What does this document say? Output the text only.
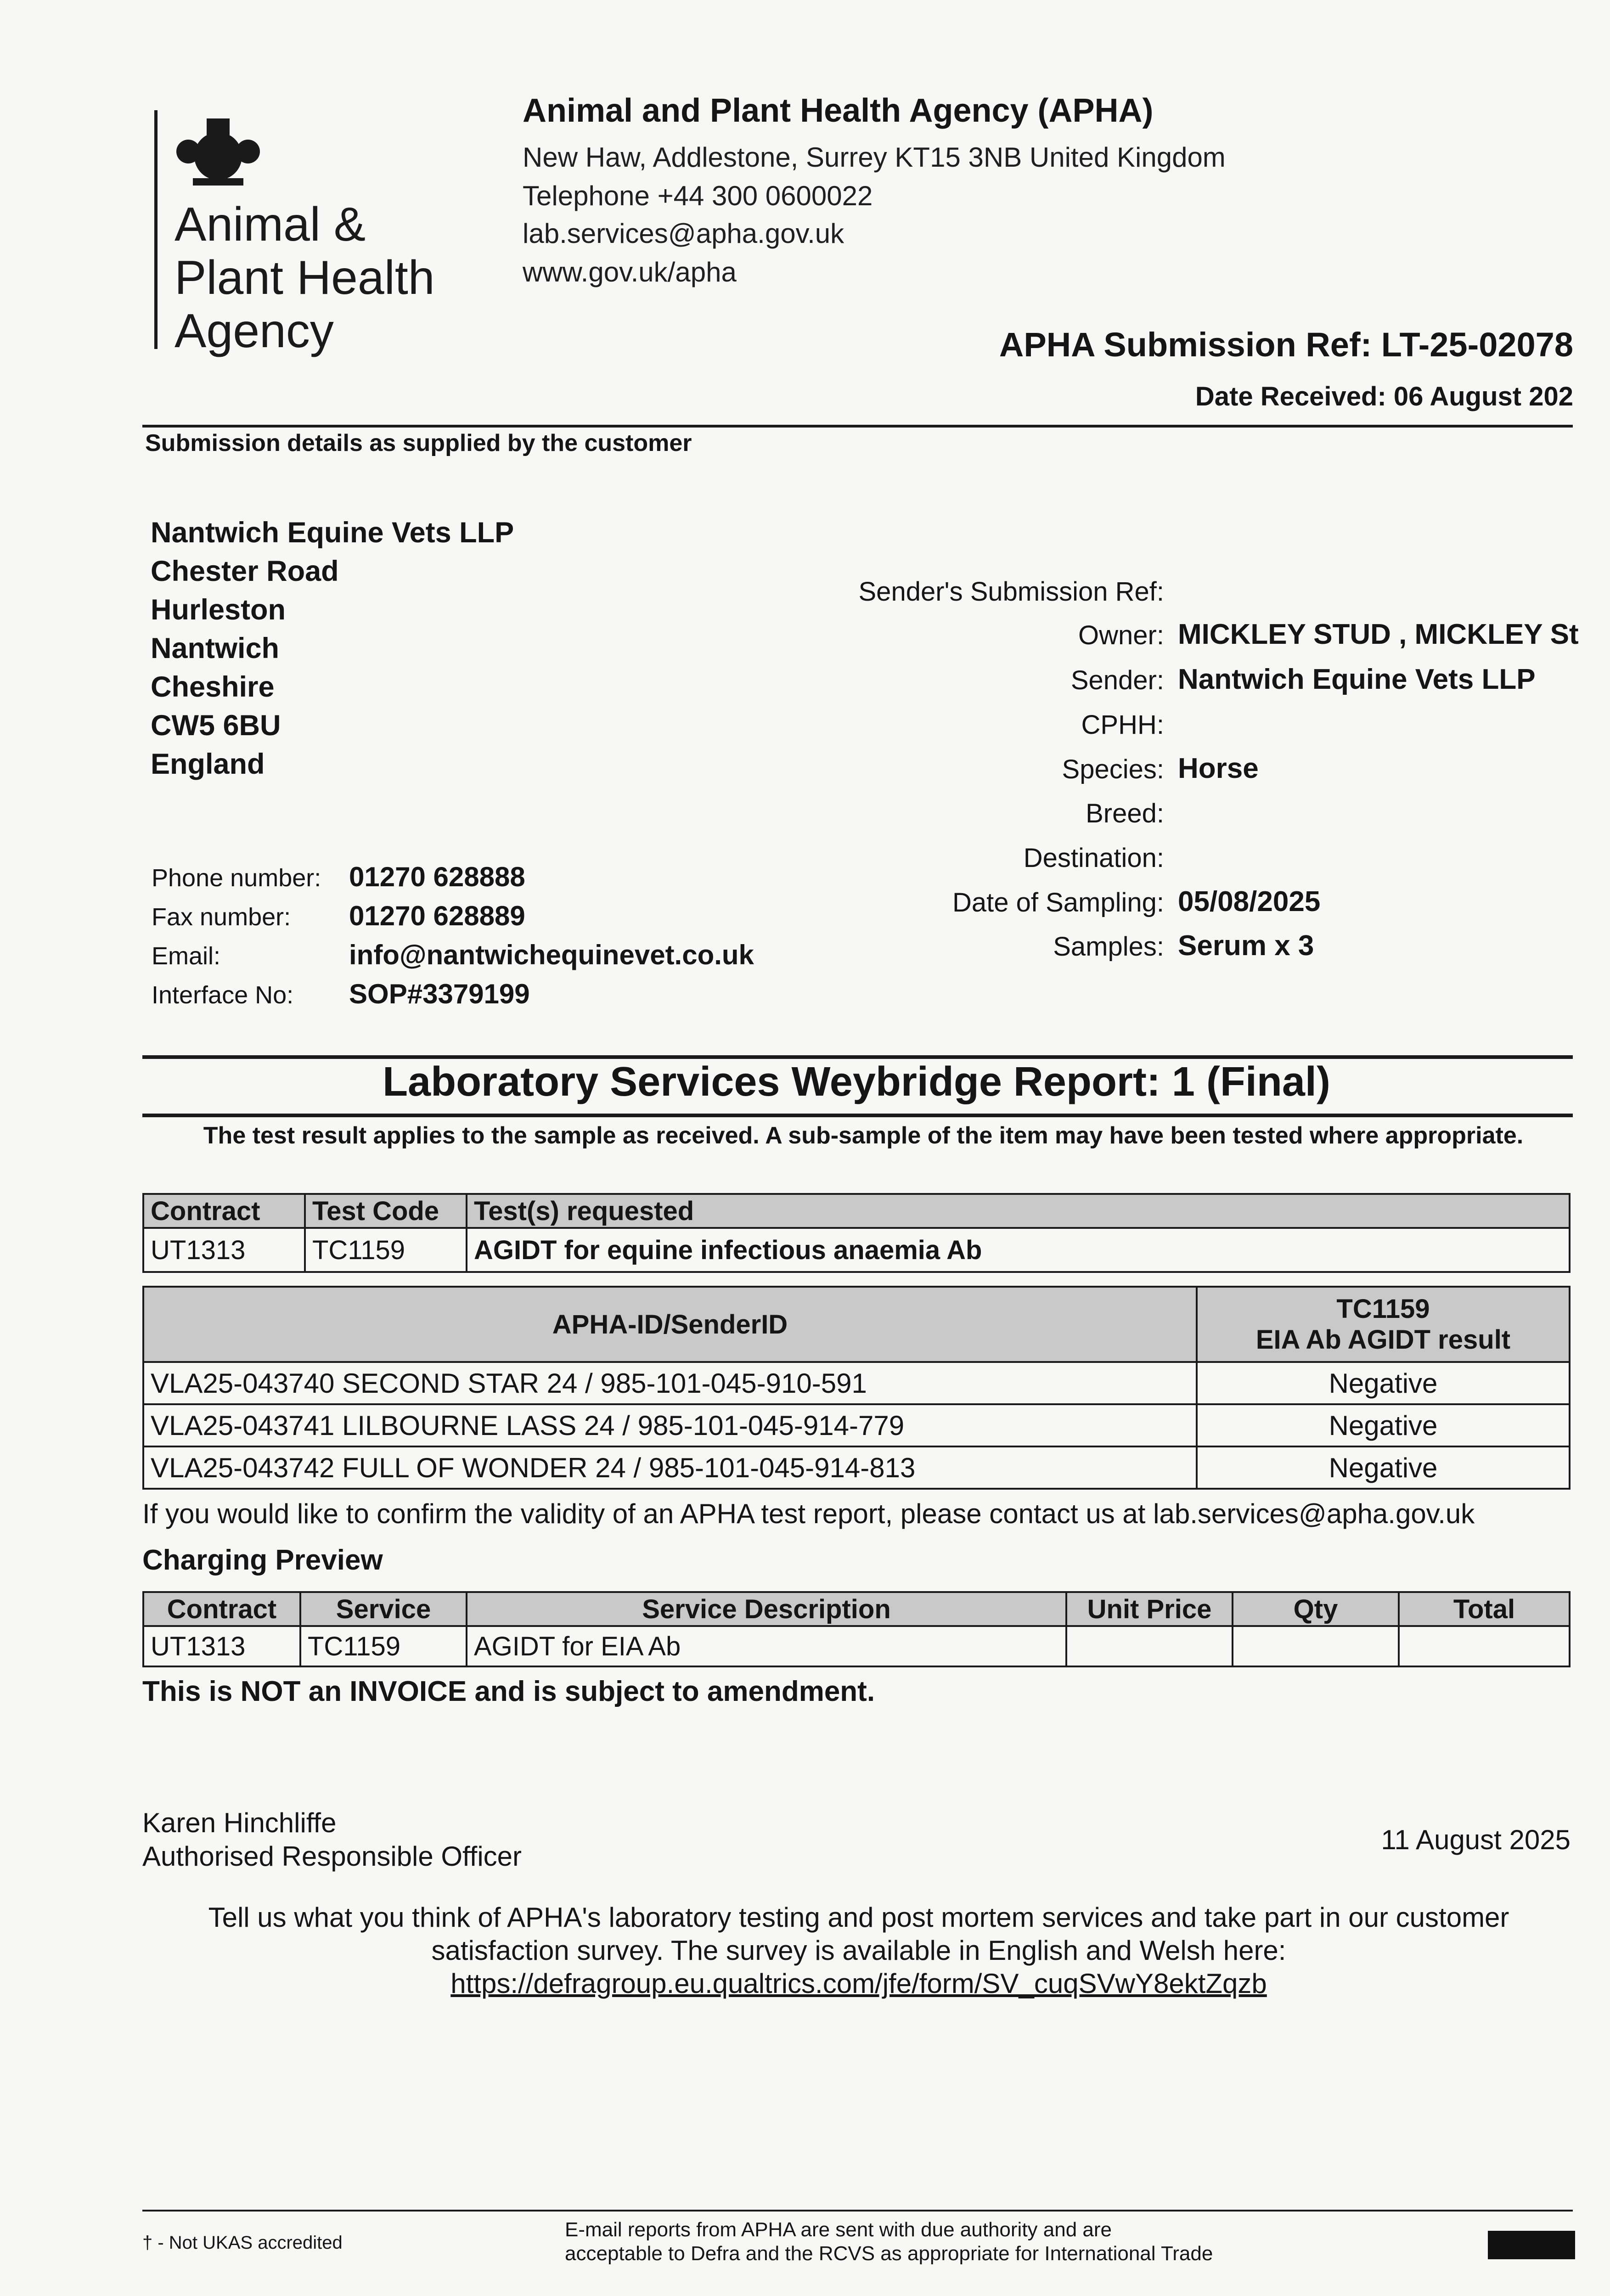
Animal &
Plant Health
Agency
Animal and Plant Health Agency (APHA)
New Haw, Addlestone, Surrey KT15 3NB United Kingdom
Telephone +44 300 0600022
lab.services@apha.gov.uk
www.gov.uk/apha
APHA Submission Ref: LT-25-02078
Date Received: 06 August 202
Submission details as supplied by the customer
Nantwich Equine Vets LLP
Chester Road
Hurleston
Nantwich
Cheshire
CW5 6BU
England
Phone number: 01270 628888
Fax number: 01270 628889
Email:	info@nantwichequinevet.co.uk
Interface No: SOP#3379199
Sender's Submission Ref:
Owner: MICKLEY STUD , MICKLEY St
Sender: Nantwich Equine Vets LLP
CPHH:
Species: Horse
Breed:
Destination:
Date of Sampling: 05/08/2025
Samples: Serum x 3
Laboratory Services Weybridge Report: 1 (Final)
The test result applies to the sample as received. A sub-sample of the item may have been tested where appropriate.
Contract	Test Code	Test(s) requested
UT1313	TC1159	AGIDT for equine infectious anaemia Ab
APHA-ID/SenderID	TC1159
EIA Ab AGIDT result

VLA25-043740 SECOND STAR 24 / 985-101-045-910-591	Negative
VLA25-043741 LILBOURNE LASS 24 / 985-101-045-914-779	Negative
VLA25-043742 FULL OF WONDER 24 / 985-101-045-914-813	Negative
If you would like to confirm the validity of an APHA test report, please contact us at lab.services@apha.gov.uk
Charging Preview
Contract	Service	Service Description	Unit Price	Qty	Total
UT1313	TC1159	AGIDT for EIA Ab			
This is NOT an INVOICE and is subject to amendment.
Karen Hinchliffe
Authorised Responsible Officer
11 August 2025
Tell us what you think of APHA's laboratory testing and post mortem services and take part in our customer satisfaction survey. The survey is available in English and Welsh here:
https://defragroup.eu.qualtrics.com/jfe/form/SV_cuqSVwY8ektZqzb
† - Not UKAS accredited
E-mail reports from APHA are sent with due authority and are
acceptable to Defra and the RCVS as appropriate for International Trade
